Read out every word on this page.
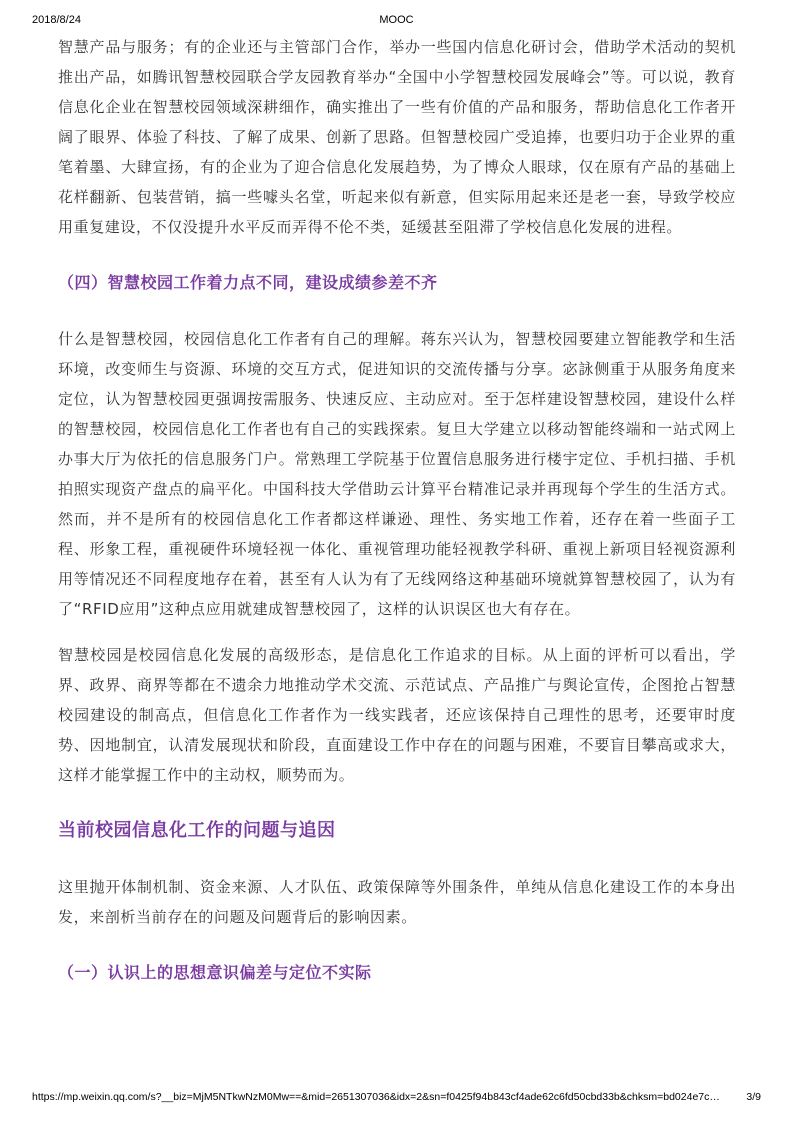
2018/8/24	MOOC

智慧产品与服务；有的企业还与主管部门合作，举办一些国内信息化研讨会，借助学术活动的契机推出产品，如腾讯智慧校园联合学友园教育举办“全国中小学智慧校园发展峰会”等。可以说，教育信息化企业在智慧校园领域深耕细作，确实推出了一些有价值的产品和服务，帮助信息化工作者开阔了眼界、体验了科技、了解了成果、创新了思路。但智慧校园广受追捧，也要归功于企业界的重笔着墨、大肆宣扬，有的企业为了迎合信息化发展趋势，为了博众人眼球，仅在原有产品的基础上花样翻新、包装营销，搞一些噱头名堂，听起来似有新意，但实际用起来还是老一套，导致学校应用重复建设，不仅没提升水平反而弄得不伦不类，延缓甚至阻滞了学校信息化发展的进程。

（四）智慧校园工作着力点不同，建设成绩参差不齐

什么是智慧校园，校园信息化工作者有自己的理解。蒋东兴认为，智慧校园要建立智能教学和生活环境，改变师生与资源、环境的交互方式，促进知识的交流传播与分享。宓詠侧重于从服务角度来定位，认为智慧校园更强调按需服务、快速反应、主动应对。至于怎样建设智慧校园，建设什么样的智慧校园，校园信息化工作者也有自己的实践探索。复旦大学建立以移动智能终端和一站式网上办事大厅为依托的信息服务门户。常熟理工学院基于位置信息服务进行楼宇定位、手机扫描、手机拍照实现资产盘点的扁平化。中国科技大学借助云计算平台精准记录并再现每个学生的生活方式。然而，并不是所有的校园信息化工作者都这样谦逊、理性、务实地工作着，还存在着一些面子工程、形象工程，重视硬件环境轻视一体化、重视管理功能轻视教学科研、重视上新项目轻视资源利用等情况还不同程度地存在着，甚至有人认为有了无线网络这种基础环境就算智慧校园了，认为有了“RFID应用”这种点应用就建成智慧校园了，这样的认识误区也大有存在。

智慧校园是校园信息化发展的高级形态，是信息化工作追求的目标。从上面的评析可以看出，学界、政界、商界等都在不遗余力地推动学术交流、示范试点、产品推广与舆论宣传，企图抢占智慧校园建设的制高点，但信息化工作者作为一线实践者，还应该保持自己理性的思考，还要审时度势、因地制宜，认清发展现状和阶段，直面建设工作中存在的问题与困难，不要盲目攀高或求大，这样才能掌握工作中的主动权，顺势而为。

当前校园信息化工作的问题与追因

这里抛开体制机制、资金来源、人才队伍、政策保障等外围条件，单纯从信息化建设工作的本身出发，来剖析当前存在的问题及问题背后的影响因素。

（一）认识上的思想意识偏差与定位不实际
https://mp.weixin.qq.com/s?__biz=MjM5NTkwNzM0Mw==&mid=2651307036&idx=2&sn=f0425f94b843cf4ade62c6fd50cbd33b&chksm=bd024e7c…	3/9
